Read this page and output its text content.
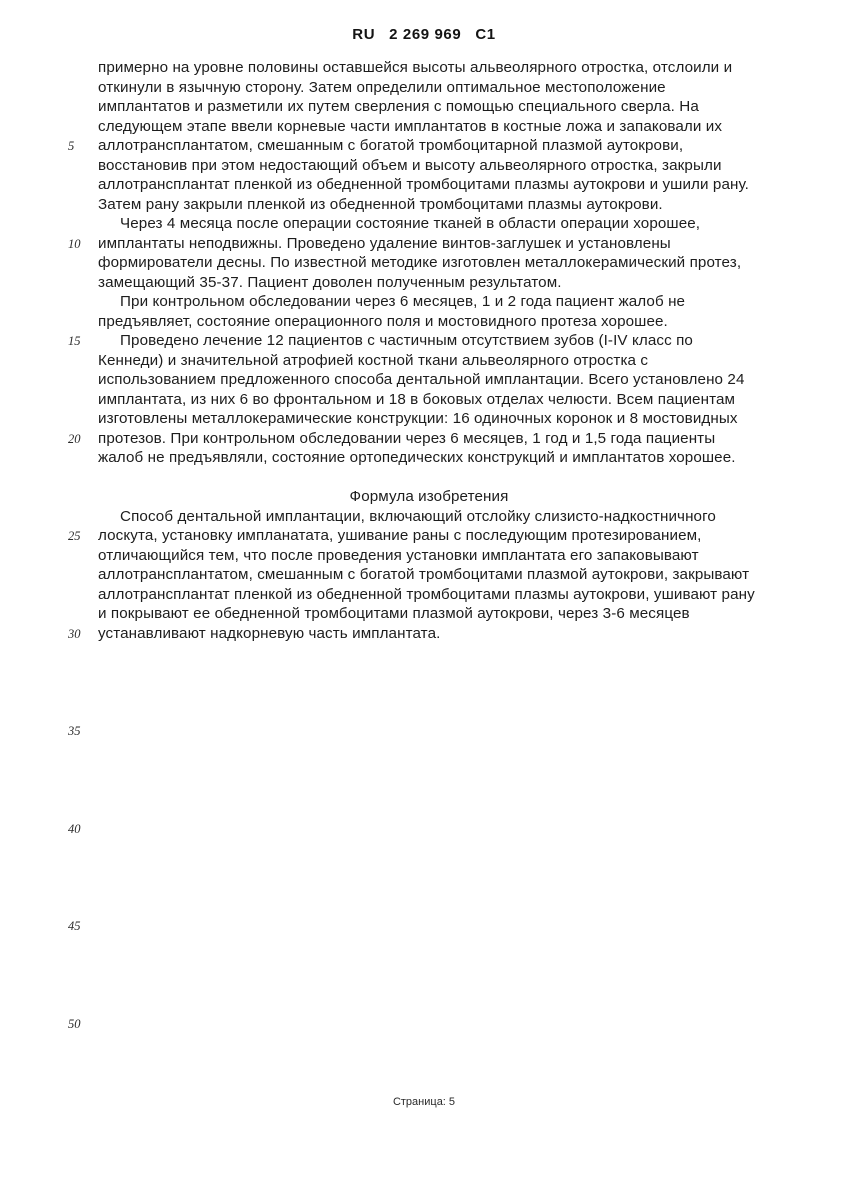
RU 2 269 969 C1
примерно на уровне половины оставшейся высоты альвеолярного отростка, отслоили и
откинули в язычную сторону. Затем определили оптимальное местоположение
имплантатов и разметили их путем сверления с помощью специального сверла. На
следующем этапе ввели корневые части имплантатов в костные ложа и запаковали их
5 аллотрансплантатом, смешанным с богатой тромбоцитарной плазмой аутокрови,
восстановив при этом недостающий объем и высоту альвеолярного отростка, закрыли
аллотрансплантат пленкой из обедненной тромбоцитами плазмы аутокрови и ушили рану.
Затем рану закрыли пленкой из обедненной тромбоцитами плазмы аутокрови.
Через 4 месяца после операции состояние тканей в области операции хорошее,
10 имплантаты неподвижны. Проведено удаление винтов-заглушек и установлены
формирователи десны. По известной методике изготовлен металлокерамический протез,
замещающий 35-37. Пациент доволен полученным результатом.
При контрольном обследовании через 6 месяцев, 1 и 2 года пациент жалоб не
предъявляет, состояние операционного поля и мостовидного протеза хорошее.
15	Проведено лечение 12 пациентов с частичным отсутствием зубов (I-IV класс по
Кеннеди) и значительной атрофией костной ткани альвеолярного отростка с
использованием предложенного способа дентальной имплантации. Всего установлено 24
имплантата, из них 6 во фронтальном и 18 в боковых отделах челюсти. Всем пациентам
изготовлены металлокерамические конструкции: 16 одиночных коронок и 8 мостовидных
20 протезов. При контрольном обследовании через 6 месяцев, 1 год и 1,5 года пациенты
жалоб не предъявляли, состояние ортопедических конструкций и имплантатов хорошее.
Формула изобретения
Способ дентальной имплантации, включающий отслойку слизисто-надкостничного
25 лоскута, установку импланатата, ушивание раны с последующим протезированием,
отличающийся тем, что после проведения установки имплантата его запаковывают
аллотрансплантатом, смешанным с богатой тромбоцитами плазмой аутокрови, закрывают
аллотрансплантат пленкой из обедненной тромбоцитами плазмы аутокрови, ушивают рану
и покрывают ее обедненной тромбоцитами плазмой аутокрови, через 3-6 месяцев
30 устанавливают надкорневую часть имплантата.
35
40
45
50
Страница: 5
